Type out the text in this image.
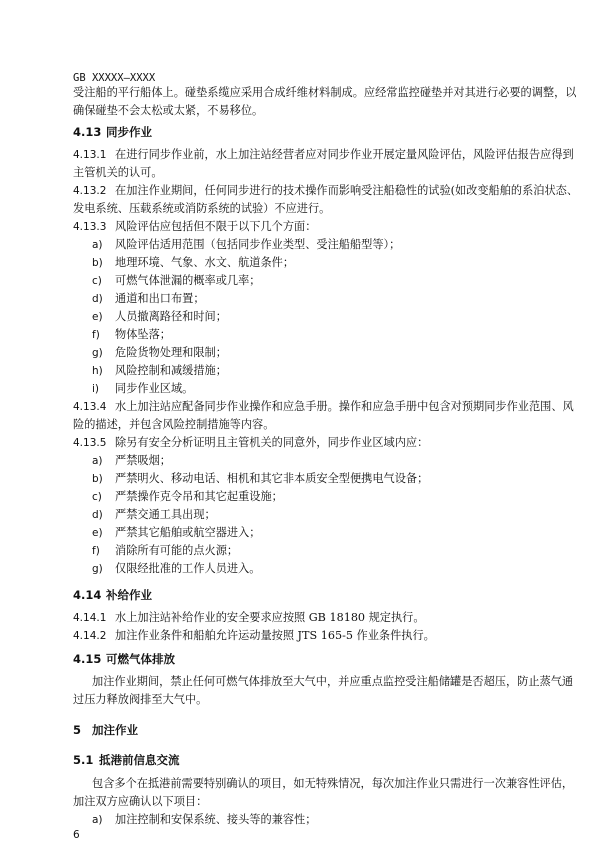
GB XXXXX—XXXX
受注船的平行船体上。碰垫系缆应采用合成纤维材料制成。应经常监控碰垫并对其进行必要的调整，以
确保碰垫不会太松或太紧，不易移位。
4.13 同步作业
4.13.1 在进行同步作业前，水上加注站经营者应对同步作业开展定量风险评估，风险评估报告应得到
主管机关的认可。
4.13.2 在加注作业期间，任何同步进行的技术操作而影响受注船稳性的试验(如改变船舶的系泊状态、
发电系统、压载系统或消防系统的试验）不应进行。
4.13.3 风险评估应包括但不限于以下几个方面：
a) 风险评估适用范围（包括同步作业类型、受注船船型等）；
b) 地理环境、气象、水文、航道条件；
c) 可燃气体泄漏的概率或几率；
d) 通道和出口布置；
e) 人员撤离路径和时间；
f) 物体坠落；
g) 危险货物处理和限制；
h) 风险控制和减缓措施；
i) 同步作业区域。
4.13.4 水上加注站应配备同步作业操作和应急手册。操作和应急手册中包含对预期同步作业范围、风
险的描述，并包含风险控制措施等内容。
4.13.5 除另有安全分析证明且主管机关的同意外，同步作业区域内应：
a) 严禁吸烟；
b) 严禁明火、移动电话、相机和其它非本质安全型便携电气设备；
c) 严禁操作克令吊和其它起重设施；
d) 严禁交通工具出现；
e) 严禁其它船舶或航空器进入；
f) 消除所有可能的点火源；
g) 仅限经批准的工作人员进入。
4.14 补给作业
4.14.1 水上加注站补给作业的安全要求应按照 GB 18180 规定执行。
4.14.2 加注作业条件和船舶允许运动量按照 JTS 165-5 作业条件执行。
4.15 可燃气体排放
加注作业期间，禁止任何可燃气体排放至大气中，并应重点监控受注船储罐是否超压，防止蒸气通
过压力释放阀排至大气中。
5 加注作业
5.1 抵港前信息交流
包含多个在抵港前需要特别确认的项目，如无特殊情况，每次加注作业只需进行一次兼容性评估，
加注双方应确认以下项目：
a) 加注控制和安保系统、接头等的兼容性；
6
